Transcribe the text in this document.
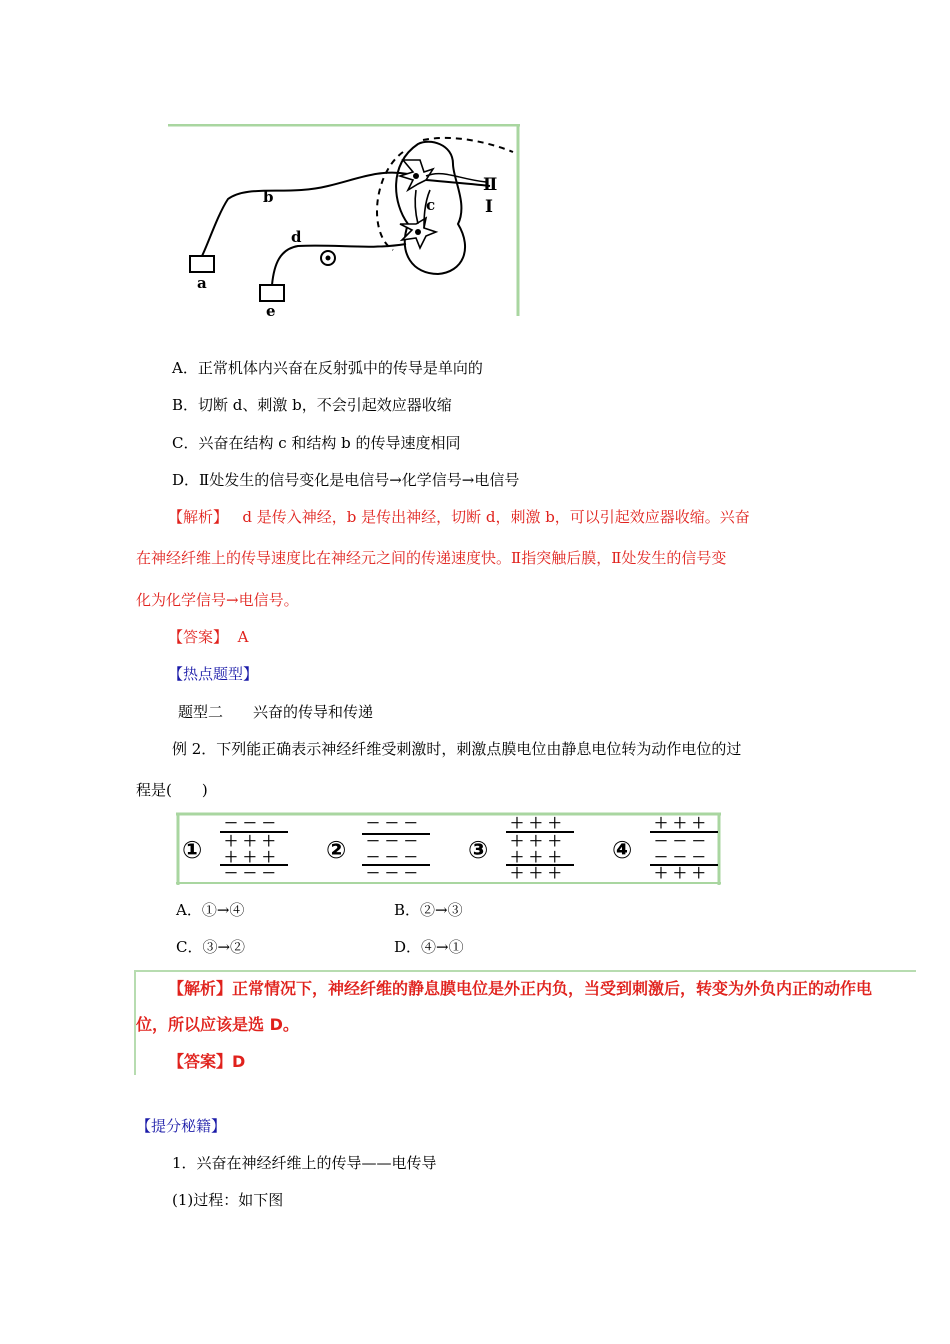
b
d
a
e
c
Ⅱ
Ⅰ
A．正常机体内兴奋在反射弧中的传导是单向的
B．切断 d、刺激 b，不会引起效应器收缩
C．兴奋在结构 c 和结构 b 的传导速度相同
D．Ⅱ处发生的信号变化是电信号→化学信号→电信号
【解析】 d 是传入神经，b 是传出神经，切断 d，刺激 b，可以引起效应器收缩。兴奋
在神经纤维上的传导速度比在神经元之间的传递速度快。Ⅱ指突触后膜，Ⅱ处发生的信号变
化为化学信号→电信号。
【答案】 A
【热点题型】
题型二　　兴奋的传导和传递
例 2．下列能正确表示神经纤维受刺激时，刺激点膜电位由静息电位转为动作电位的过
程是(　　)
①
－ － －
＋ ＋ ＋
＋ ＋ ＋
－ － －
②
－ － －
－ － －
－ － －
－ － －
③
＋ ＋ ＋
＋ ＋ ＋
＋ ＋ ＋
＋ ＋ ＋
④
＋ ＋ ＋
－ － －
－ － －
＋ ＋ ＋
A．①→④	B．②→③
C．③→②	D．④→①
【解析】正常情况下，神经纤维的静息膜电位是外正内负，当受到刺激后，转变为外负内正的动作电
位，所以应该是选 D。
【答案】D
【提分秘籍】
1．兴奋在神经纤维上的传导——电传导
(1)过程：如下图
